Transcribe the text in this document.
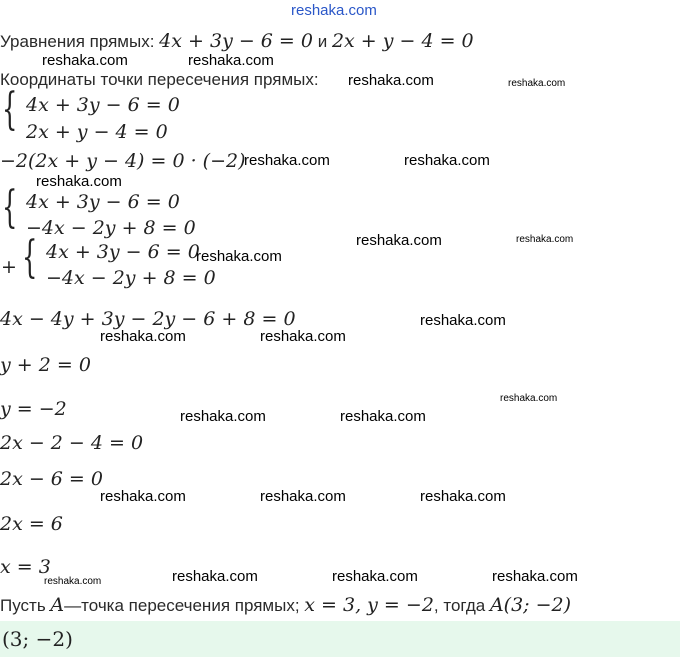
reshaka.com
Уравнения прямых: 4x + 3y − 6 = 0 и 2x + y − 4 = 0
reshaka.com	reshaka.com
Координаты точки пересечения прямых: reshaka.com	reshaka.com
{ 4x + 3y − 6 = 0
2x + y − 4 = 0
−2(2x + y − 4) = 0 · (−2)
reshaka.com	reshaka.com
reshaka.com
{ 4x + 3y − 6 = 0
−4x − 2y + 8 = 0
reshaka.com	reshaka.com
+ { 4x + 3y − 6 = 0
−4x − 2y + 8 = 0
reshaka.com
4x − 4y + 3y − 2y − 6 + 8 = 0	reshaka.com
reshaka.com	reshaka.com
y + 2 = 0
y = −2	reshaka.com
reshaka.com	reshaka.com
2x − 2 − 4 = 0
2x − 6 = 0
reshaka.com	reshaka.com	reshaka.com
2x = 6
x = 3
reshaka.com	reshaka.com	reshaka.com	reshaka.com
Пусть A—точка пересечения прямых; x = 3, y = −2, тогда A(3; −2)
(3; −2)
